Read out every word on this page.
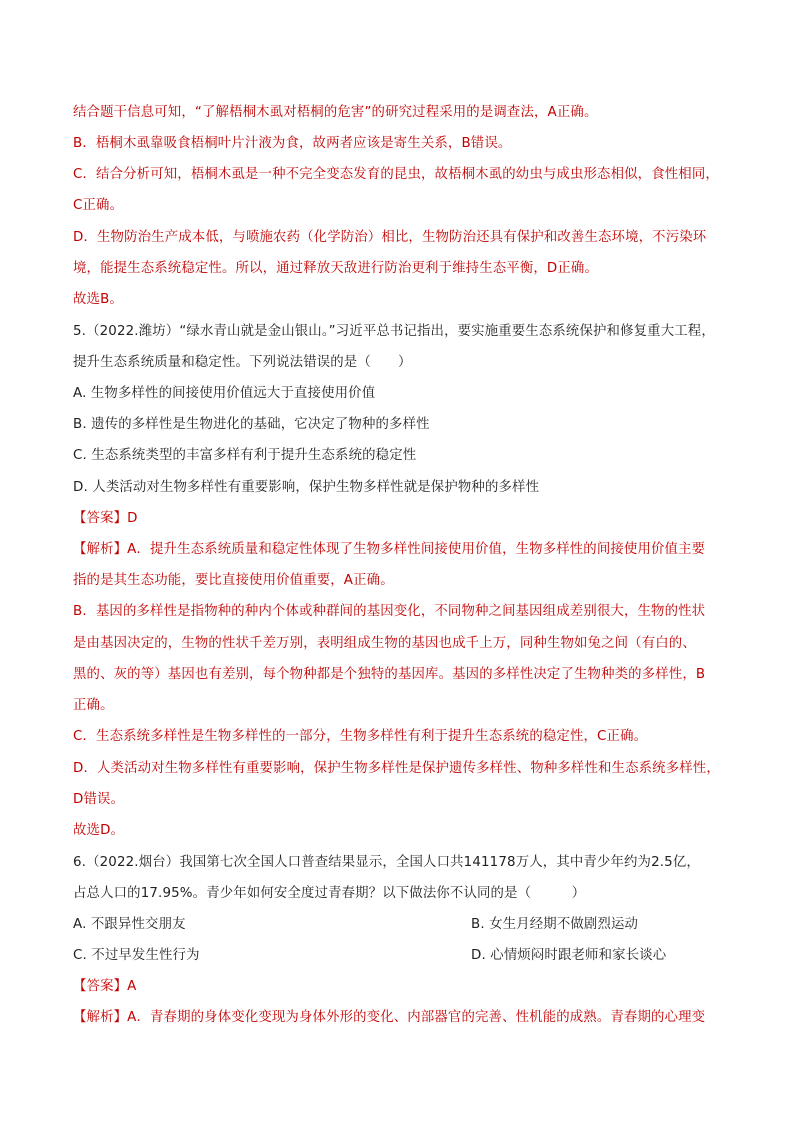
结合题干信息可知，“了解梧桐木虱对梧桐的危害”的研究过程采用的是调查法，A正确。
B．梧桐木虱靠吸食梧桐叶片汁液为食，故两者应该是寄生关系，B错误。
C．结合分析可知，梧桐木虱是一种不完全变态发育的昆虫，故梧桐木虱的幼虫与成虫形态相似，食性相同，
C正确。
D．生物防治生产成本低，与喷施农药（化学防治）相比，生物防治还具有保护和改善生态环境，不污染环
境，能提生态系统稳定性。所以，通过释放天敌进行防治更利于维持生态平衡，D正确。
故选B。
5.（2022.潍坊）“绿水青山就是金山银山。”习近平总书记指出，要实施重要生态系统保护和修复重大工程，
提升生态系统质量和稳定性。下列说法错误的是（　　）
A. 生物多样性的间接使用价值远大于直接使用价值
B. 遗传的多样性是生物进化的基础，它决定了物种的多样性
C. 生态系统类型的丰富多样有利于提升生态系统的稳定性
D. 人类活动对生物多样性有重要影响，保护生物多样性就是保护物种的多样性
【答案】D
【解析】A．提升生态系统质量和稳定性体现了生物多样性间接使用价值，生物多样性的间接使用价值主要
指的是其生态功能，要比直接使用价值重要，A正确。
B．基因的多样性是指物种的种内个体或种群间的基因变化，不同物种之间基因组成差别很大，生物的性状
是由基因决定的，生物的性状千差万别，表明组成生物的基因也成千上万，同种生物如兔之间（有白的、
黑的、灰的等）基因也有差别，每个物种都是个独特的基因库。基因的多样性决定了生物种类的多样性，B
正确。
C．生态系统多样性是生物多样性的一部分，生物多样性有利于提升生态系统的稳定性，C正确。
D．人类活动对生物多样性有重要影响，保护生物多样性是保护遗传多样性、物种多样性和生态系统多样性，
D错误。
故选D。
6.（2022.烟台）我国第七次全国人口普查结果显示，全国人口共141178万人，其中青少年约为2.5亿，
占总人口的17.95%。青少年如何安全度过青春期？以下做法你不认同的是（　　　）
【答案】A
【解析】A．青春期的身体变化变现为身体外形的变化、内部器官的完善、性机能的成熟。青春期的心理变
A. 不跟异性交朋友	B. 女生月经期不做剧烈运动
C. 不过早发生性行为	D. 心情烦闷时跟老师和家长谈心
